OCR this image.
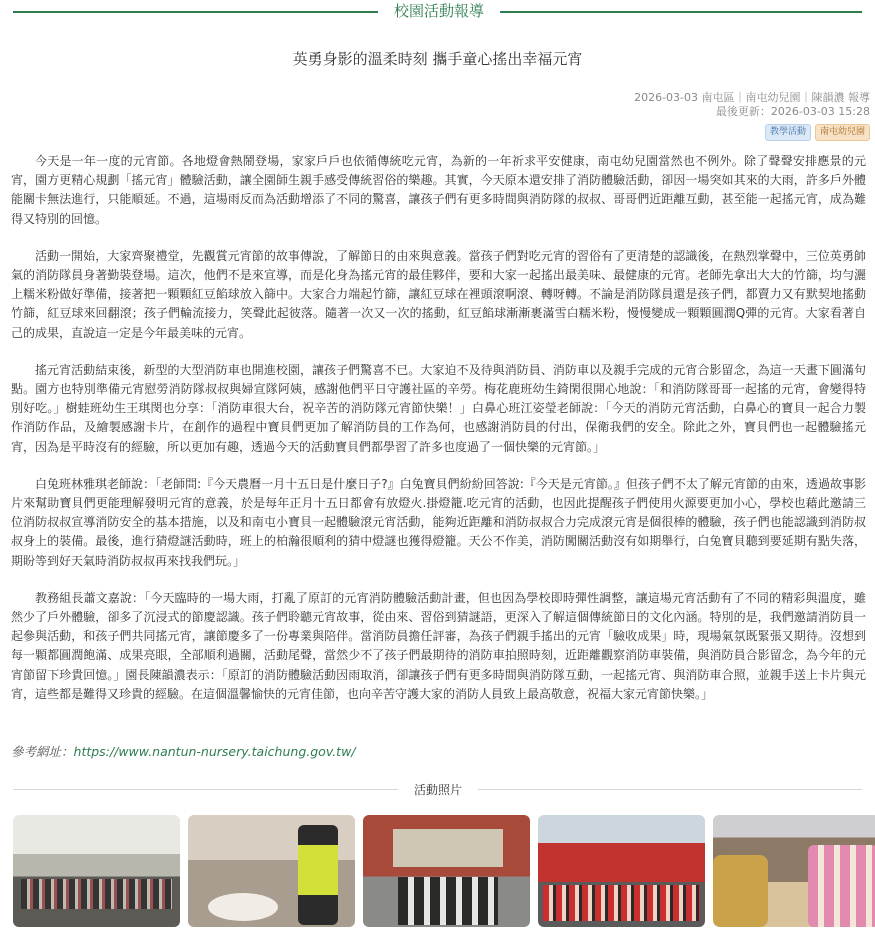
校園活動報導
英勇身影的溫柔時刻 攜手童心搖出幸福元宵
2026-03-03 南屯區｜南屯幼兒園｜陳韻濃 報導
最後更新：2026-03-03 15:28
教學活動	南屯幼兒園

今天是一年一度的元宵節。各地燈會熱鬧登場，家家戶戶也依循傳統吃元宵，為新的一年祈求平安健康，南屯幼兒園當然也不例外。除了聲聲安排應景的元宵，園方更精心規劃「搖元宵」體驗活動，讓全園師生親手感受傳統習俗的樂趣。其實，今天原本還安排了消防體驗活動，卻因一場突如其來的大雨，許多戶外體能關卡無法進行，只能順延。不過，這場雨反而為活動增添了不同的驚喜，讓孩子們有更多時間與消防隊的叔叔、哥哥們近距離互動，甚至能一起搖元宵，成為難得又特別的回憶。

活動一開始，大家齊聚禮堂，先觀賞元宵節的故事傳說，了解節日的由來與意義。當孩子們對吃元宵的習俗有了更清楚的認識後，在熱烈掌聲中，三位英勇帥氣的消防隊員身著勤裝登場。這次，他們不是來宣導，而是化身為搖元宵的最佳夥伴，要和大家一起搖出最美味、最健康的元宵。老師先拿出大大的竹篩，均勻灑上糯米粉做好準備，接著把一顆顆紅豆餡球放入篩中。大家合力端起竹篩，讓紅豆球在裡頭滾啊滾、轉呀轉。不論是消防隊員還是孩子們，都賣力又有默契地搖動竹篩，紅豆球來回翻滾；孩子們輪流接力，笑聲此起彼落。隨著一次又一次的搖動，紅豆餡球漸漸裹滿雪白糯米粉，慢慢變成一顆顆圓潤Q彈的元宵。大家看著自己的成果，直說這一定是今年最美味的元宵。

搖元宵活動結束後，新型的大型消防車也開進校園，讓孩子們驚喜不已。大家迫不及待與消防員、消防車以及親手完成的元宵合影留念，為這一天畫下圓滿句點。園方也特別準備元宵慰勞消防隊叔叔與婦宣隊阿姨，感謝他們平日守護社區的辛勞。梅花鹿班幼生錡閑很開心地說：「和消防隊哥哥一起搖的元宵，會變得特別好吃。」樹蛙班幼生王琪閔也分享：「消防車很大台，祝辛苦的消防隊元宵節快樂！」白鼻心班江姿瑩老師說：「今天的消防元宵活動，白鼻心的寶貝一起合力製作消防作品，及繪製感謝卡片，在創作的過程中寶貝們更加了解消防員的工作為何，也感謝消防員的付出，保衛我們的安全。除此之外，寶貝們也一起體驗搖元宵，因為是平時沒有的經驗，所以更加有趣，透過今天的活動寶貝們都學習了許多也度過了一個快樂的元宵節。」

白兔班林雅琪老師說：「老師問:『今天農曆一月十五日是什麼日子?』白兔寶貝們紛紛回答說:『今天是元宵節。』但孩子們不太了解元宵節的由來，透過故事影片來幫助寶貝們更能理解發明元宵的意義，於是每年正月十五日都會有放燈火.掛燈籠.吃元宵的活動，也因此提醒孩子們使用火源要更加小心，學校也藉此邀請三位消防叔叔宣導消防安全的基本措施，以及和南屯小寶貝一起體驗滾元宵活動，能夠近距離和消防叔叔合力完成滾元宵是個很棒的體驗，孩子們也能認識到消防叔叔身上的裝備。最後，進行猜燈謎活動時，班上的柏瀚很順利的猜中燈謎也獲得燈籠。天公不作美，消防闖關活動沒有如期舉行，白兔寶貝聽到要延期有點失落，期盼等到好天氣時消防叔叔再來找我們玩。」

教務組長蕭文嘉說：「今天臨時的一場大雨，打亂了原訂的元宵消防體驗活動計畫，但也因為學校即時彈性調整，讓這場元宵活動有了不同的精彩與溫度，雖然少了戶外體驗，卻多了沉浸式的節慶認識。孩子們聆聽元宵故事，從由來、習俗到猜謎語，更深入了解這個傳統節日的文化內涵。特別的是，我們邀請消防員一起參與活動，和孩子們共同搖元宵，讓節慶多了一份專業與陪伴。當消防員擔任評審，為孩子們親手搖出的元宵「驗收成果」時，現場氣氛既緊張又期待。沒想到每一顆都圓潤飽滿、成果亮眼，全部順利過關，活動尾聲，當然少不了孩子們最期待的消防車拍照時刻，近距離觀察消防車裝備，與消防員合影留念，為今年的元宵節留下珍貴回憶。」園長陳韻濃表示：「原訂的消防體驗活動因雨取消，卻讓孩子們有更多時間與消防隊互動，一起搖元宵、與消防車合照，並親手送上卡片與元宵，這些都是難得又珍貴的經驗。在這個溫馨愉快的元宵佳節，也向辛苦守護大家的消防人員致上最高敬意，祝福大家元宵節快樂。」

參考網址：https://www.nantun-nursery.taichung.gov.tw/
活動照片
